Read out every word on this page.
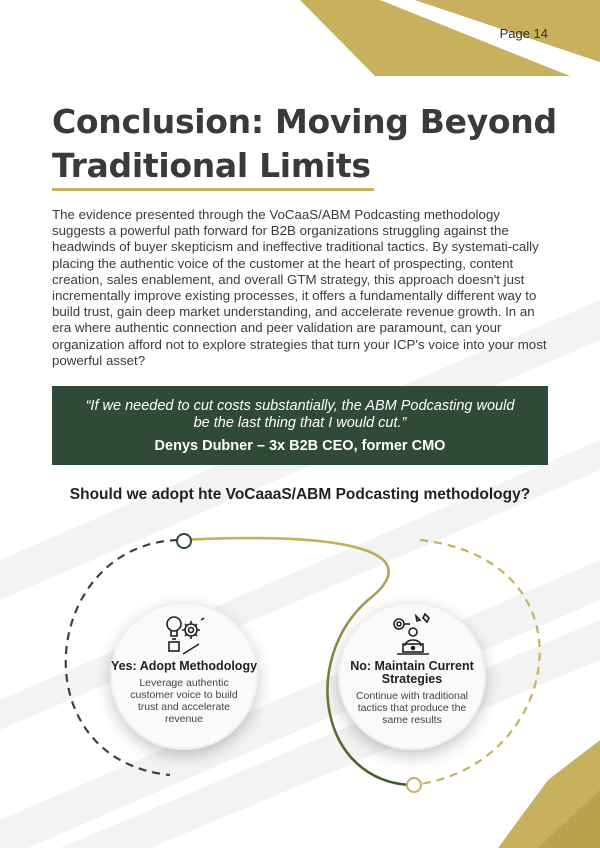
Page 14
Conclusion: Moving Beyond Traditional Limits

The evidence presented through the VoCaaS/ABM Podcasting methodology suggests a powerful path forward for B2B organizations struggling against the headwinds of buyer skepticism and ineffective traditional tactics. By systemati-cally placing the authentic voice of the customer at the heart of prospecting, content creation, sales enablement, and overall GTM strategy, this approach doesn't just incrementally improve existing processes, it offers a fundamentally different way to build trust, gain deep market understanding, and accelerate revenue growth. In an era where authentic connection and peer validation are paramount, can your organization afford not to explore strategies that turn your ICP's voice into your most powerful asset?

“If we needed to cut costs substantially, the ABM Podcasting would be the last thing that I would cut.”
Denys Dubner – 3x B2B CEO, former CMO
Should we adopt hte VoCaaaS/ABM Podcasting methodology?
Yes: Adopt Methodology
Leverage authentic customer voice to build trust and accelerate revenue
No: Maintain Current Strategies
Continue with traditional tactics that produce the same results
